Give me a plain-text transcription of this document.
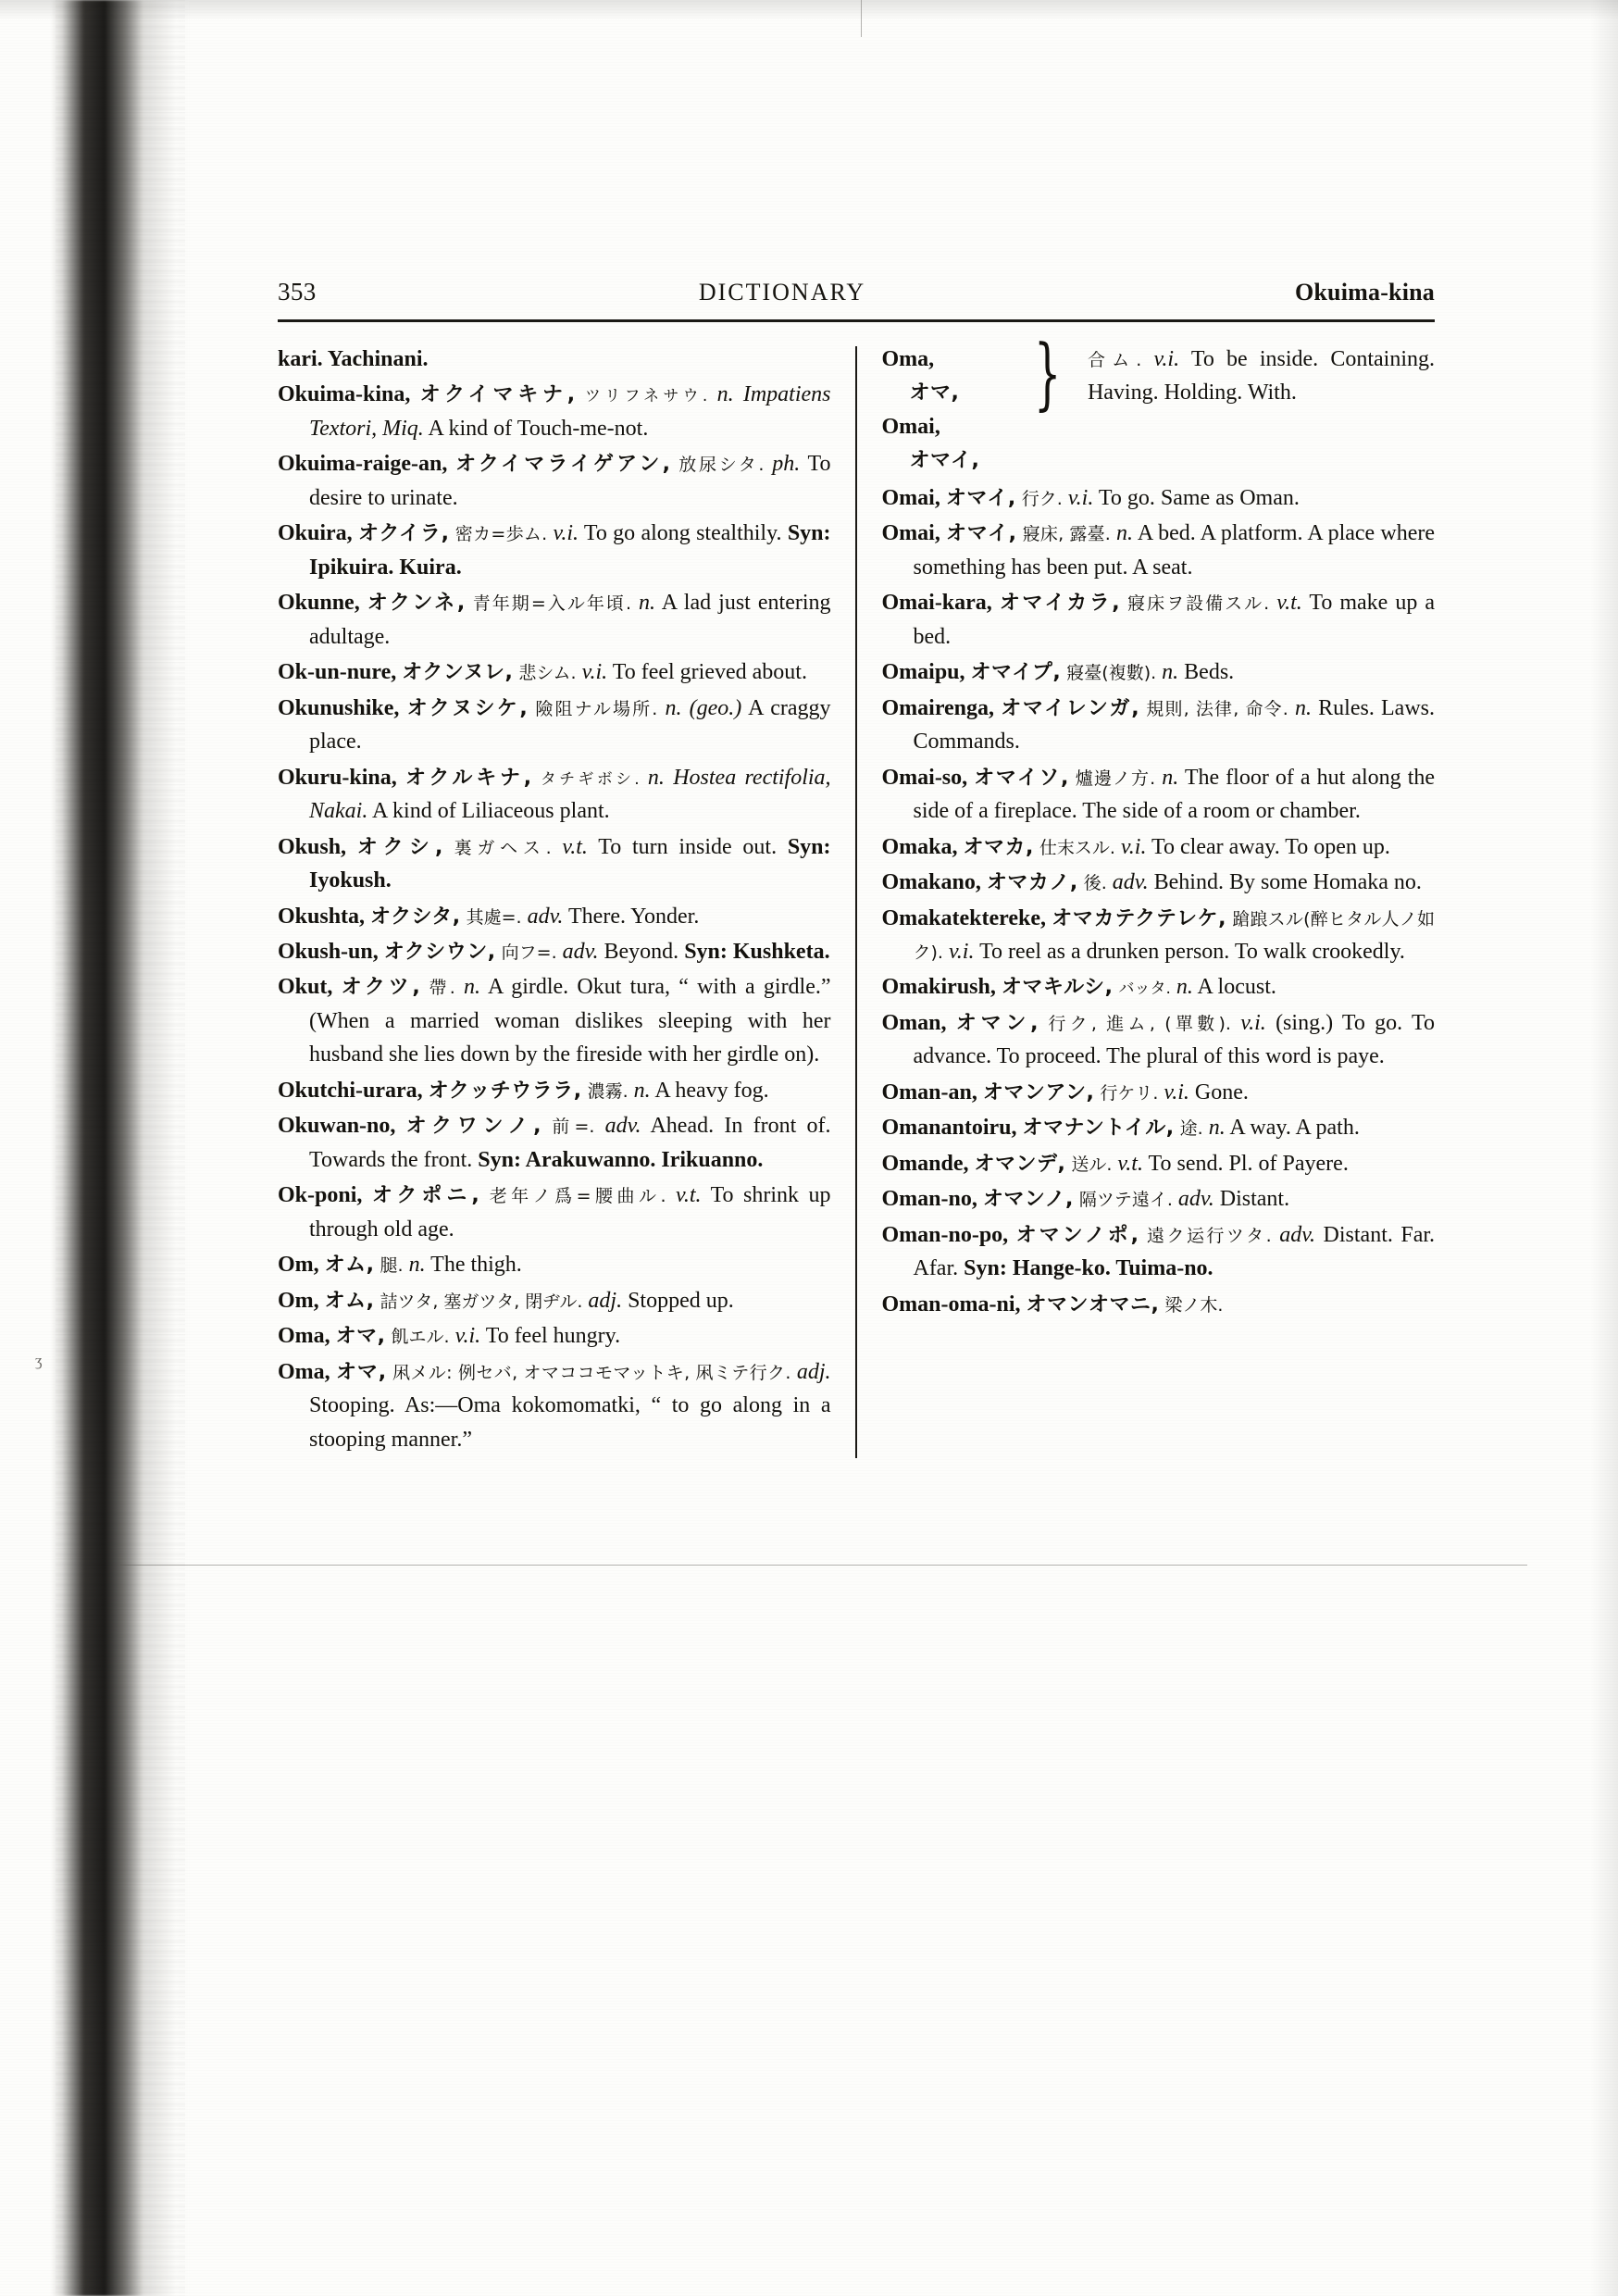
ʒ
353	DICTIONARY	Okuima-kina
kari. Yachinani.
Okuima-kina, オクイマキナ, ツリフネサウ. n. Impatiens Textori, Miq. A kind of Touch-me-not.
Okuima-raige-an, オクイマライゲアン, 放尿シタ. ph. To desire to urinate.
Okuira, オクイラ, 密カ=歩ム. v.i. To go along stealthily. Syn: Ipikuira. Kuira.
Okunne, オクンネ, 青年期=入ル年頃. n. A lad just entering adultage.
Ok-un-nure, オクンヌレ, 悲シム. v.i. To feel grieved about.
Okunushike, オクヌシケ, 險阻ナル場所. n. (geo.) A craggy place.
Okuru-kina, オクルキナ, タチギボシ. n. Hostea rectifolia, Nakai. A kind of Liliaceous plant.
Okush, オクシ, 裏ガヘス. v.t. To turn inside out. Syn: Iyokush.
Okushta, オクシタ, 其處=. adv. There. Yonder.
Okush-un, オクシウン, 向フ=. adv. Beyond. Syn: Kushketa.
Okut, オクツ, 帶. n. A girdle. Okut tura, “ with a girdle.” (When a married woman dislikes sleeping with her husband she lies down by the fireside with her girdle on).
Okutchi-urara, オクッチウララ, 濃霧. n. A heavy fog.
Okuwan-no, オクワンノ, 前=. adv. Ahead. In front of. Towards the front. Syn: Arakuwanno. Irikuanno.
Ok-poni, オクポニ, 老年ノ爲=腰曲ル. v.t. To shrink up through old age.
Om, オム, 腿. n. The thigh.
Om, オム, 詰ツタ, 塞ガツタ, 閉ヂル. adj. Stopped up.
Oma, オマ, 飢エル. v.i. To feel hungry.
Oma, オマ, 凩メル: 例セバ, オマココモマットキ, 凩ミテ行ク. adj. Stooping. As:—Oma kokomomatki, “ to go along in a stooping manner.”
Oma,
オマ,
Omai,
オマイ,
} 合ム. v.i. To be inside. Containing. Having. Holding. With.
Omai, オマイ, 行ク. v.i. To go. Same as Oman.
Omai, オマイ, 寢床, 露臺. n. A bed. A platform. A place where something has been put. A seat.
Omai-kara, オマイカラ, 寢床ヲ設備スル. v.t. To make up a bed.
Omaipu, オマイプ, 寢臺(複數). n. Beds.
Omairenga, オマイレンガ, 規則, 法律, 命令. n. Rules. Laws. Commands.
Omai-so, オマイソ, 爐邊ノ方. n. The floor of a hut along the side of a fireplace. The side of a room or chamber.
Omaka, オマカ, 仕末スル. v.i. To clear away. To open up.
Omakano, オマカノ, 後. adv. Behind. By some Homaka no.
Omakatektereke, オマカテクテレケ, 蹌踉スル(醉ヒタル人ノ如ク). v.i. To reel as a drunken person. To walk crookedly.
Omakirush, オマキルシ, バッタ. n. A locust.
Oman, オマン, 行ク, 進ム, (單數). v.i. (sing.) To go. To advance. To proceed. The plural of this word is paye.
Oman-an, オマンアン, 行ケリ. v.i. Gone.
Omanantoiru, オマナントイル, 途. n. A way. A path.
Omande, オマンデ, 送ル. v.t. To send. Pl. of Payere.
Oman-no, オマンノ, 隔ツテ遠イ. adv. Distant.
Oman-no-po, オマンノポ, 遠ク运行ツタ. adv. Distant. Far. Afar. Syn: Hange-ko. Tuima-no.
Oman-oma-ni, オマンオマニ, 梁ノ木.
